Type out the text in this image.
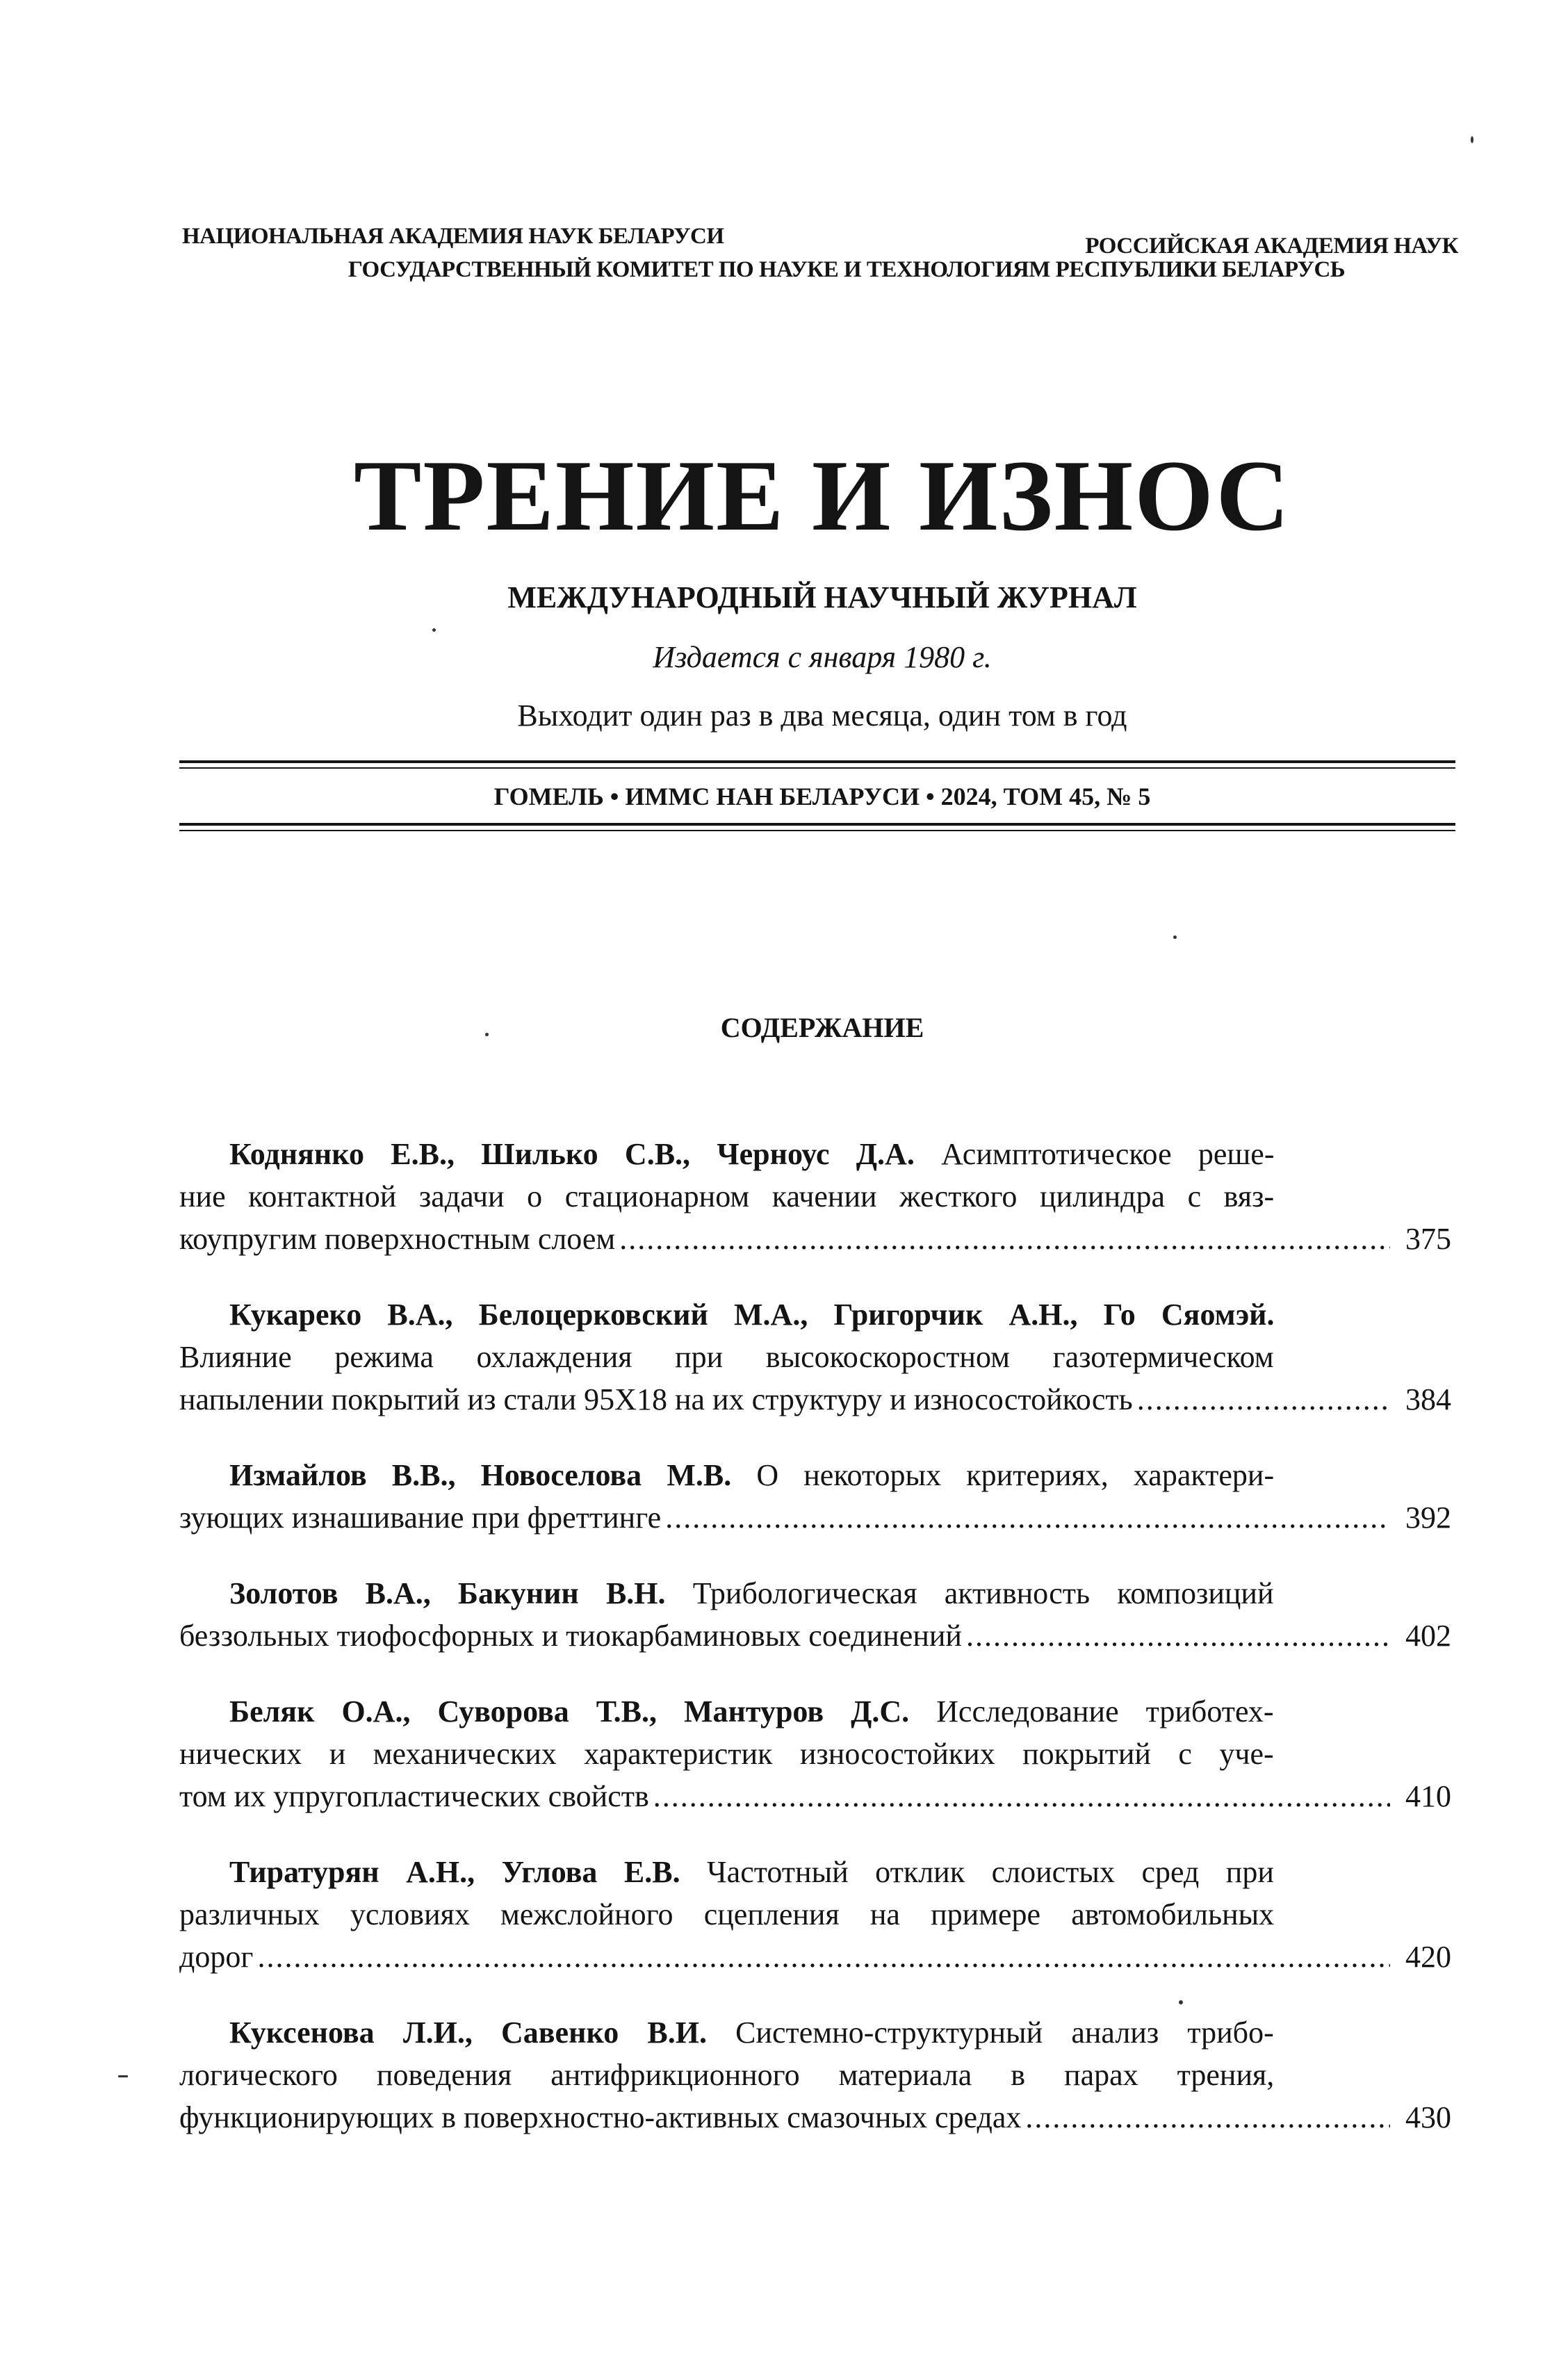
НАЦИОНАЛЬНАЯ АКАДЕМИЯ НАУК БЕЛАРУСИ	РОССИЙСКАЯ АКАДЕМИЯ НАУК
ГОСУДАРСТВЕННЫЙ КОМИТЕТ ПО НАУКЕ И ТЕХНОЛОГИЯМ РЕСПУБЛИКИ БЕЛАРУСЬ
ТРЕНИЕ И ИЗНОС
МЕЖДУНАРОДНЫЙ НАУЧНЫЙ ЖУРНАЛ
Издается с января 1980 г.
Выходит один раз в два месяца, один том в год
ГОМЕЛЬ • ИММС НАН БЕЛАРУСИ • 2024, ТОМ 45, № 5
СОДЕРЖАНИЕ
Коднянко Е.В., Шилько С.В., Черноус Д.А. Асимптотическое реше-
ние контактной задачи о стационарном качении жесткого цилиндра с вяз-
коупругим поверхностным слоем .....	375
Кукареко В.А., Белоцерковский М.А., Григорчик А.Н., Го Сяомэй.
Влияние режима охлаждения при высокоскоростном газотермическом
напылении покрытий из стали 95Х18 на их структуру и износостойкость .....	384
Измайлов В.В., Новоселова М.В. О некоторых критериях, характери-
зующих изнашивание при фреттинге .....	392
Золотов В.А., Бакунин В.Н. Трибологическая активность композиций
беззольных тиофосфорных и тиокарбаминовых соединений .....	402
Беляк О.А., Суворова Т.В., Мантуров Д.С. Исследование триботех-
нических и механических характеристик износостойких покрытий с уче-
том их упругопластических свойств .....	410
Тиратурян А.Н., Углова Е.В. Частотный отклик слоистых сред при
различных условиях межслойного сцепления на примере автомобильных
дорог .....	420
Куксенова Л.И., Савенко В.И. Системно-структурный анализ трибо-
логического поведения антифрикционного материала в парах трения,
функционирующих в поверхностно-активных смазочных средах .....	430
